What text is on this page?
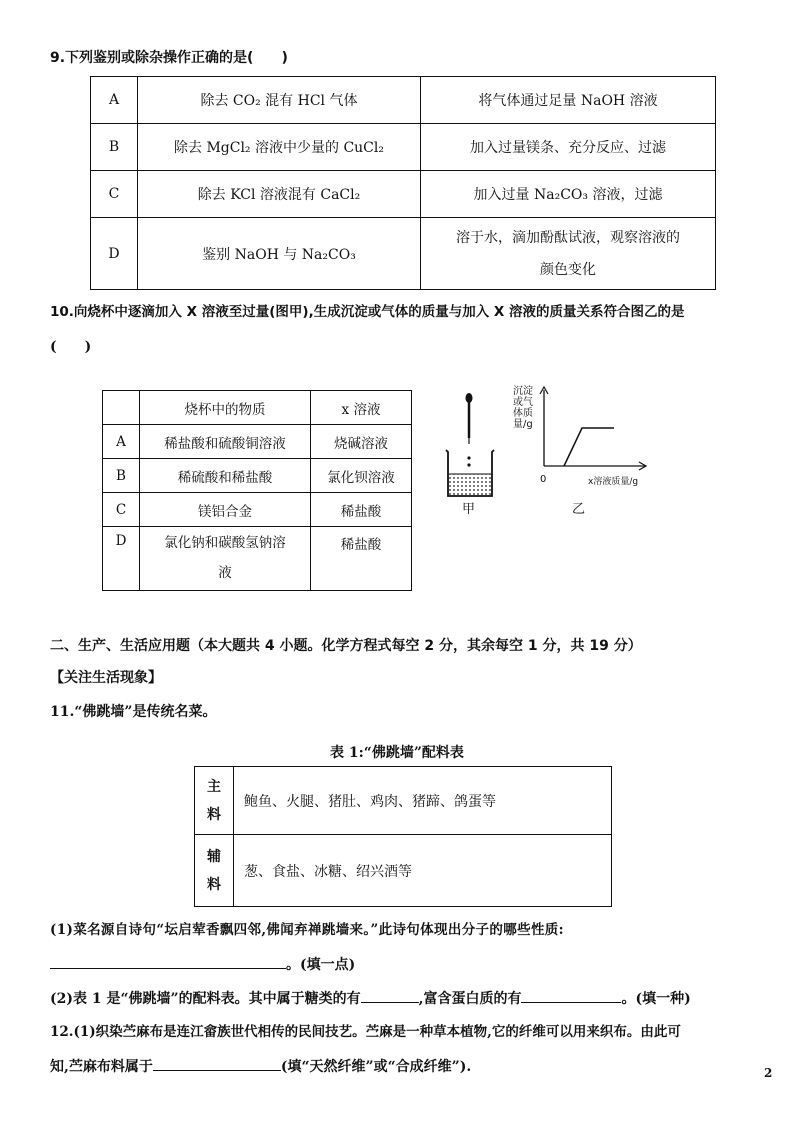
9.下列鉴别或除杂操作正确的是(　　)
A	除去 CO₂ 混有 HCl 气体	将气体通过足量 NaOH 溶液
B	除去 MgCl₂ 溶液中少量的 CuCl₂	加入过量镁条、充分反应、过滤
C	除去 KCl 溶液混有 CaCl₂	加入过量 Na₂CO₃ 溶液，过滤
D	鉴别 NaOH 与 Na₂CO₃	溶于水，滴加酚酞试液，观察溶液的
颜色变化
10.向烧杯中逐滴加入 X 溶液至过量(图甲),生成沉淀或气体的质量与加入 X 溶液的质量关系符合图乙的是
(　　)
	烧杯中的物质	x 溶液
A	稀盐酸和硫酸铜溶液	烧碱溶液
B	稀硫酸和稀盐酸	氯化钡溶液
C	镁铝合金	稀盐酸
D	氯化钠和碳酸氢钠溶
液	稀盐酸
甲
沉淀
或气
体质
量/g
0	x溶液质量/g
乙
二、生产、生活应用题（本大题共 4 小题。化学方程式每空 2 分，其余每空 1 分，共 19 分）
【关注生活现象】
11.“佛跳墙”是传统名菜。
表 1:“佛跳墙”配料表
主
料	鲍鱼、火腿、猪肚、鸡肉、猪蹄、鸽蛋等

辅
料	葱、食盐、冰糖、绍兴酒等
(1)菜名源自诗句“坛启荤香飘四邻,佛闻弃禅跳墙来。”此诗句体现出分子的哪些性质:
。(填一点)
(2)表 1 是“佛跳墙”的配料表。其中属于糖类的有	,富含蛋白质的有	。(填一种)
12.(1)织染苎麻布是连江畲族世代相传的民间技艺。苎麻是一种草本植物,它的纤维可以用来织布。由此可
知,苎麻布料属于	(填“天然纤维”或“合成纤维”).	2
